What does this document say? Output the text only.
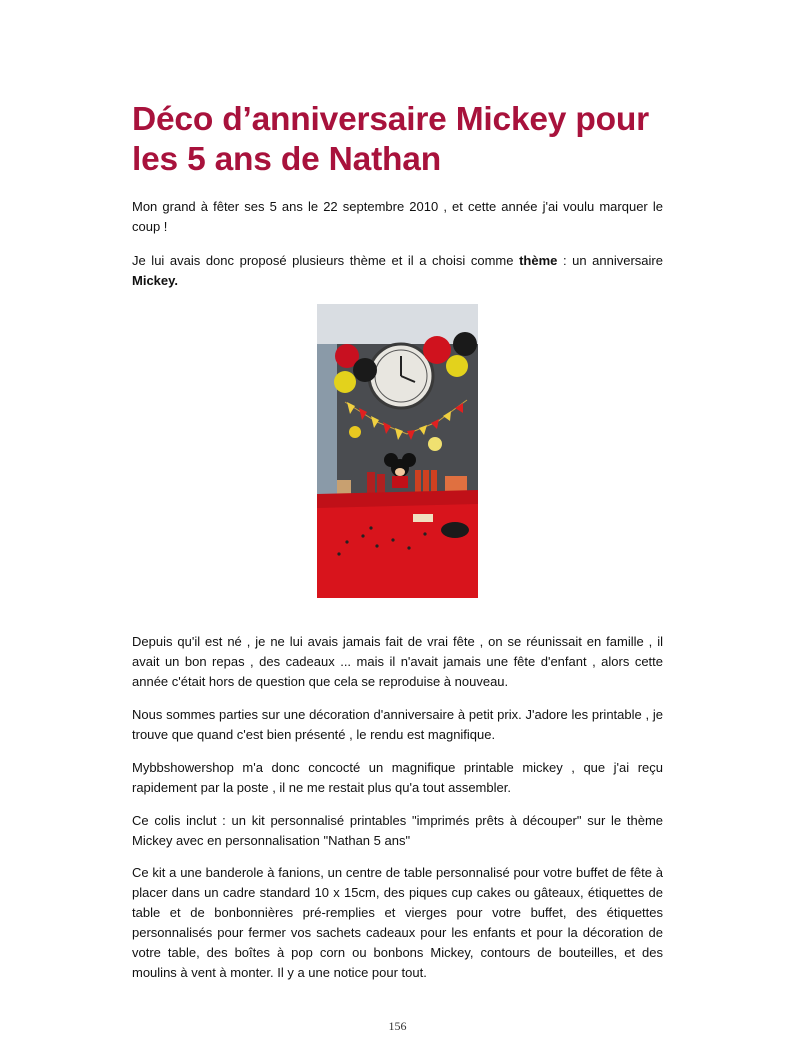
Déco d’anniversaire Mickey pour les 5 ans de Nathan

Mon grand à fêter ses 5 ans le 22 septembre 2010 , et cette année j'ai voulu marquer le coup !

Je lui avais donc proposé plusieurs thème et il a choisi comme thème : un anniversaire Mickey.

Depuis qu'il est né , je ne lui avais jamais fait de vrai fête , on se réunissait en famille , il avait un bon repas , des cadeaux ... mais il n'avait jamais une fête d'enfant , alors cette année c'était hors de question que cela se reproduise à nouveau.

Nous sommes parties sur une décoration d'anniversaire à petit prix. J'adore les printable , je trouve que quand c'est bien présenté , le rendu est magnifique.

Mybbshowershop m'a donc concocté un magnifique printable mickey , que j'ai reçu rapidement par la poste , il ne me restait plus qu'a tout assembler.

Ce colis inclut : un kit personnalisé printables "imprimés prêts à découper" sur le thème Mickey avec en personnalisation "Nathan 5 ans"

Ce kit a une banderole à fanions, un centre de table personnalisé pour votre buffet de fête à placer dans un cadre standard 10 x 15cm, des piques cup cakes ou gâteaux, étiquettes de table et de bonbonnières pré-remplies et vierges pour votre buffet, des étiquettes personnalisés pour fermer vos sachets cadeaux pour les enfants et pour la décoration de votre table, des boîtes à pop corn ou bonbons Mickey, contours de bouteilles, et des moulins à vent à monter. Il y a une notice pour tout.

156
